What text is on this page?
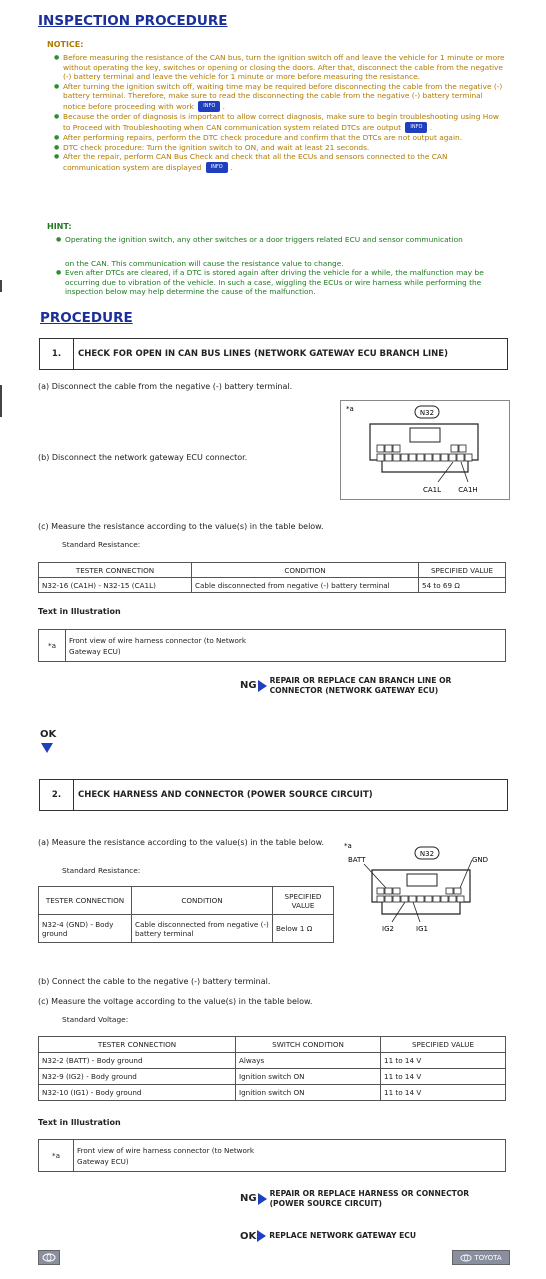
INSPECTION PROCEDURE
NOTICE:
● Before measuring the resistance of the CAN bus, turn the ignition switch off and leave the vehicle for 1 minute or more without operating the key, switches or opening or closing the doors. After that, disconnect the cable from the negative (-) battery terminal and leave the vehicle for 1 minute or more before measuring the resistance.
● After turning the ignition switch off, waiting time may be required before disconnecting the cable from the negative (-) battery terminal. Therefore, make sure to read the disconnecting the cable from the negative (-) battery terminal notice before proceeding with work INFO .
● Because the order of diagnosis is important to allow correct diagnosis, make sure to begin troubleshooting using How to Proceed with Troubleshooting when CAN communication system related DTCs are output INFO .
● After performing repairs, perform the DTC check procedure and confirm that the DTCs are not output again.
● DTC check procedure: Turn the ignition switch to ON, and wait at least 21 seconds.
● After the repair, perform CAN Bus Check and check that all the ECUs and sensors connected to the CAN communication system are displayed INFO .
HINT:
● Operating the ignition switch, any other switches or a door triggers related ECU and sensor communication
on the CAN. This communication will cause the resistance value to change.
● Even after DTCs are cleared, if a DTC is stored again after driving the vehicle for a while, the malfunction may be occurring due to vibration of the vehicle. In such a case, wiggling the ECUs or wire harness while performing the inspection below may help determine the cause of the malfunction.
PROCEDURE
1.	CHECK FOR OPEN IN CAN BUS LINES (NETWORK GATEWAY ECU BRANCH LINE)
(a) Disconnect the cable from the negative (-) battery terminal.
(b) Disconnect the network gateway ECU connector.
*a	N32
CA1L CA1H
(c) Measure the resistance according to the value(s) in the table below.
Standard Resistance:
TESTER CONNECTION	CONDITION	SPECIFIED VALUE
N32-16 (CA1H) - N32-15 (CA1L)	Cable disconnected from negative (-) battery terminal	54 to 69 Ω
Text in Illustration
*a	Front view of wire harness connector (to Network Gateway ECU)
NG REPAIR OR REPLACE CAN BRANCH LINE OR CONNECTOR (NETWORK GATEWAY ECU)
OK
2.	CHECK HARNESS AND CONNECTOR (POWER SOURCE CIRCUIT)
(a) Measure the resistance according to the value(s) in the table below.
Standard Resistance:
TESTER CONNECTION	CONDITION	SPECIFIED VALUE
N32-4 (GND) - Body ground	Cable disconnected from negative (-) battery terminal	Below 1 Ω
*a
BATT
N32
GND
IG2	IG1
(b) Connect the cable to the negative (-) battery terminal.
(c) Measure the voltage according to the value(s) in the table below.
Standard Voltage:
TESTER CONNECTION	SWITCH CONDITION	SPECIFIED VALUE
N32-2 (BATT) - Body ground	Always	11 to 14 V
N32-9 (IG2) - Body ground	Ignition switch ON	11 to 14 V
N32-10 (IG1) - Body ground	Ignition switch ON	11 to 14 V
Text in Illustration
*a	Front view of wire harness connector (to Network Gateway ECU)
NG REPAIR OR REPLACE HARNESS OR CONNECTOR (POWER SOURCE CIRCUIT)
OK REPLACE NETWORK GATEWAY ECU
TOYOTA
